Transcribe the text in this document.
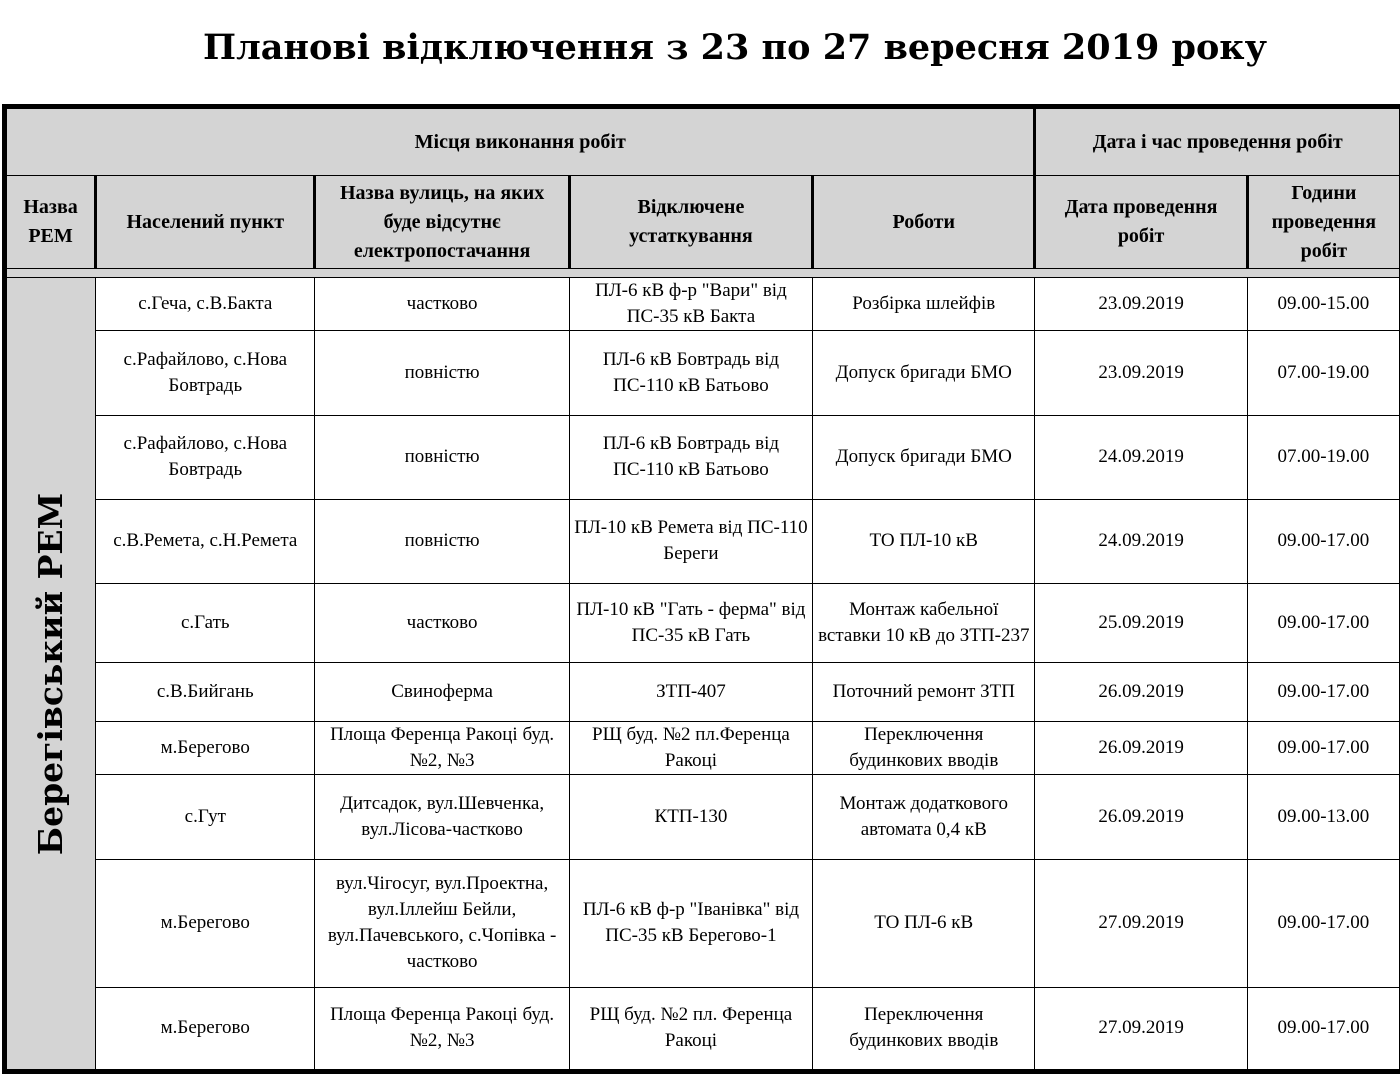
Планові відключення з 23 по 27 вересня 2019 року
Місця виконання робіт					Дата і час проведення робіт	
Назва РЕМ	Населений пункт	Назва вулиць, на яких буде відсутнє електропостачання	Відключене устаткування	Роботи	Дата проведення робіт	Години проведення робіт

Берегівський РЕМ	с.Геча, с.В.Бакта	частково	ПЛ-6 кВ ф-р "Вари" від ПС-35 кВ Бакта	Розбірка шлейфів	23.09.2019	09.00-15.00
	с.Рафайлово, с.Нова Бовтрадь	повністю	ПЛ-6 кВ Бовтрадь від ПС-110 кВ Батьово	Допуск бригади БМО	23.09.2019	07.00-19.00
	с.Рафайлово, с.Нова Бовтрадь	повністю	ПЛ-6 кВ Бовтрадь від ПС-110 кВ Батьово	Допуск бригади БМО	24.09.2019	07.00-19.00
	с.В.Ремета, с.Н.Ремета	повністю	ПЛ-10 кВ Ремета від ПС-110 Береги	ТО ПЛ-10 кВ	24.09.2019	09.00-17.00
	с.Гать	частково	ПЛ-10 кВ "Гать - ферма" від ПС-35 кВ Гать	Монтаж кабельної вставки 10 кВ до ЗТП-237	25.09.2019	09.00-17.00
	с.В.Бийгань	Свиноферма	ЗТП-407	Поточний ремонт ЗТП	26.09.2019	09.00-17.00
	м.Берегово	Площа Ференца Ракоці буд.№2, №3	РЩ буд. №2 пл.Ференца Ракоці	Переключення будинкових вводів	26.09.2019	09.00-17.00
	с.Гут	Дитсадок, вул.Шевченка, вул.Лісова-частково	КТП-130	Монтаж додаткового автомата 0,4 кВ	26.09.2019	09.00-13.00
	м.Берегово	вул.Чігосуг, вул.Проектна, вул.Іллейш Бейли, вул.Пачевського, с.Чопівка - частково	ПЛ-6 кВ ф-р "Іванівка" від ПС-35 кВ Берегово-1	ТО ПЛ-6 кВ	27.09.2019	09.00-17.00
	м.Берегово	Площа Ференца Ракоці буд.№2, №3	РЩ буд. №2 пл. Ференца Ракоці	Переключення будинкових вводів	27.09.2019	09.00-17.00
